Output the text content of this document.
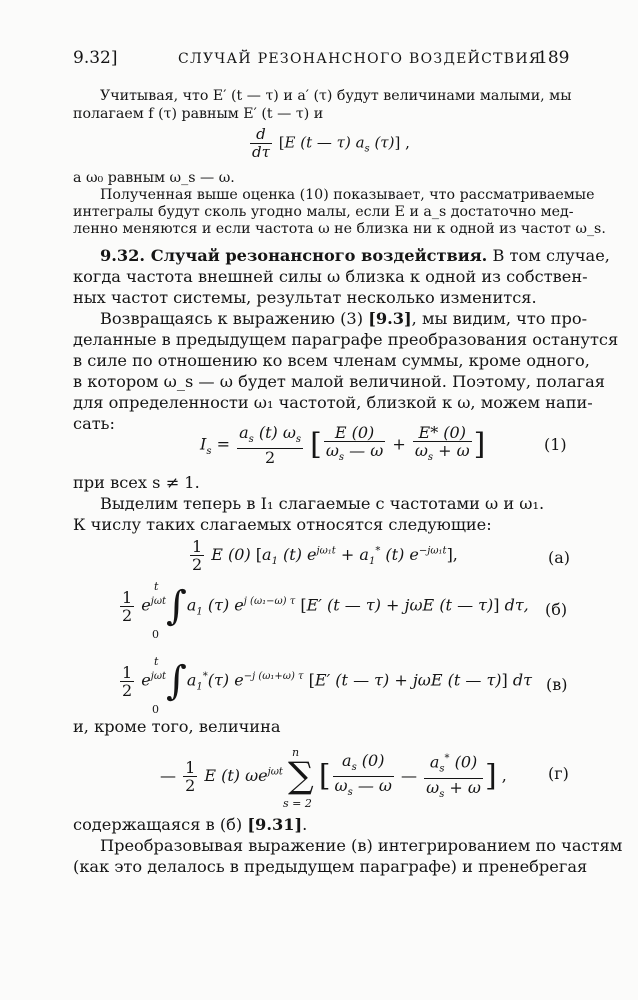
9.32]	СЛУЧАЙ РЕЗОНАНСНОГО ВОЗДЕЙСТВИЯ
189
Учитывая, что E′ (t — τ) и a′ (τ) будут величинами малыми, мы
полагаем f (τ) равным E′ (t — τ) и
$\frac{d}{d\tau} [E$ (t — τ) $a_s$ (τ)] ,
а ω₀ равным ω_s — ω.
Полученная выше оценка (10) показывает, что рассматриваемые
интегралы будут сколь угодно малы, если E и a_s достаточно мед-
ленно меняются и если частота ω не близка ни к одной из частот ω_s.
9.32. Случай резонансного воздействия. В том случае,
когда частота внешней силы ω близка к одной из собствен-
ных частот системы, результат несколько изменится.
Возвращаясь к выражению (3) [9.3], мы видим, что про-
деланные в предыдущем параграфе преобразования останутся
в силе по отношению ко всем членам суммы, кроме одного,
в котором ω_s — ω будет малой величиной. Поэтому, полагая
для определенности ω₁ частотой, близкой к ω, можем напи-
сать:
$I_s = \frac{a_s (t) \omega_s}{2}$ [ $\frac{E (0)}{\omega_s — \omega} + \frac{E* (0)}{\omega_s + \omega}$ ]	(1)
при всех s ≠ 1.
Выделим теперь в I₁ слагаемые с частотами ω и ω₁.
К числу таких слагаемых относятся следующие:
$\frac{1}{2}$ E (0) [$a_1$ (t) $e^{j\omega_1t} + a_1^*$ (t) $e^{-j\omega_1t}$],	(а)
$\frac{1}{2} e^{j\omega t}\int a_1$ (τ) $e^{j (\omega_1-\omega) \tau}$ [E′ (t — τ) + jωE (t — τ)] dτ,
t
0
(б)
$\frac{1}{2} e^{j\omega t}\int a_1^*(\tau)$ $e^{-j (\omega_1+\omega) \tau}$ [E′ (t — τ) + jωE (t — τ)] dτ
t
0
(в)
и, кроме того, величина
— $\frac{1}{2}$ E (t) $\omega e^{j\omega t}$ ∑ [ $\frac{a_s (0)}{\omega_s — \omega}$ — $\frac{a_s^* (0)}{\omega_s + \omega}$ ] ,
n
s = 2
(г)
содержащаяся в (б) [9.31].
Преобразовывая выражение (в) интегрированием по частям
(как это делалось в предыдущем параграфе) и пренебрегая
